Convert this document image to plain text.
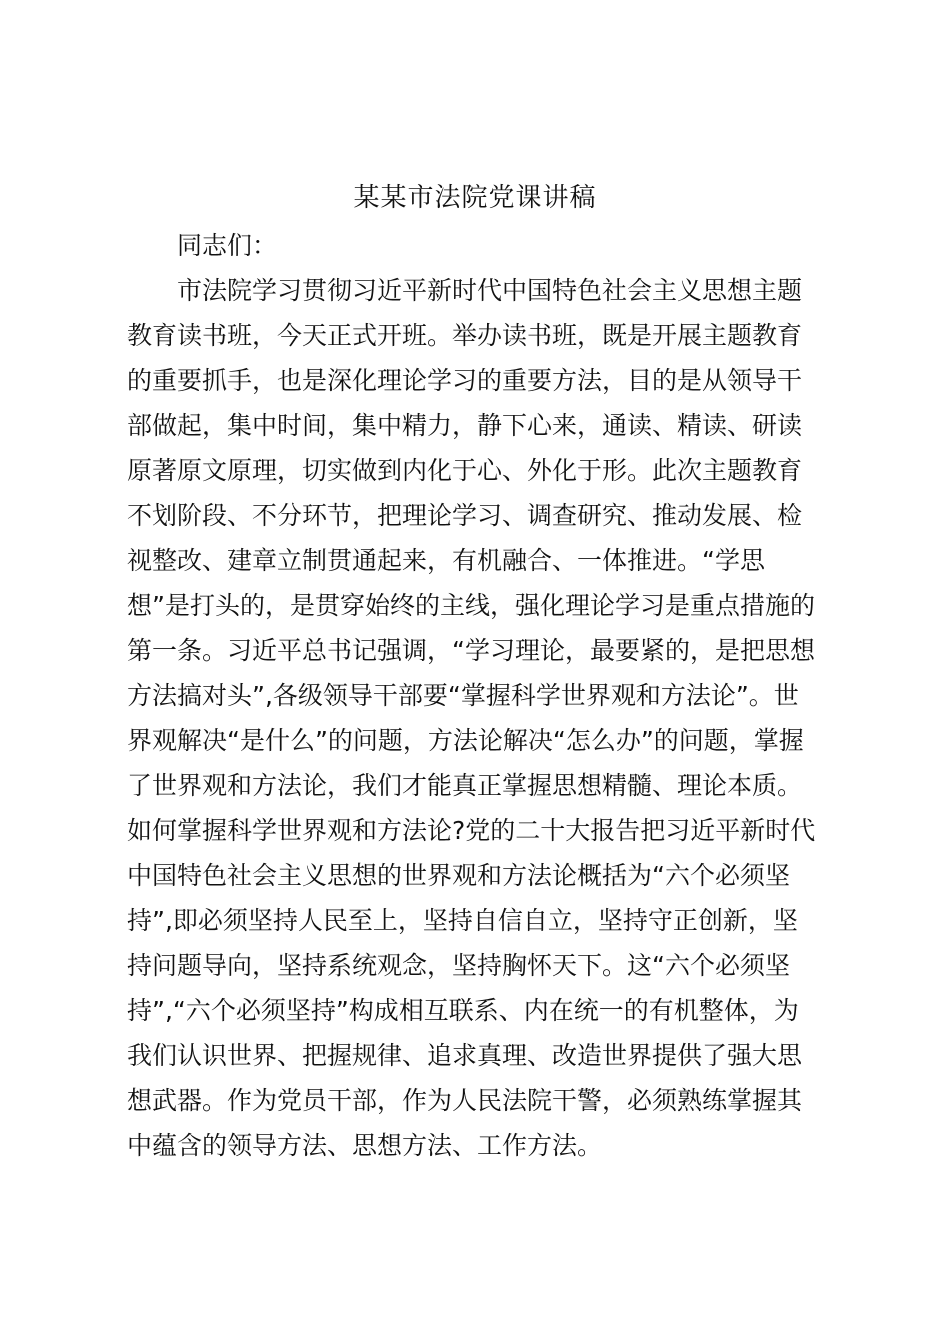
某某市法院党课讲稿
同志们：
市法院学习贯彻习近平新时代中国特色社会主义思想主题
教育读书班，今天正式开班。举办读书班，既是开展主题教育
的重要抓手，也是深化理论学习的重要方法，目的是从领导干
部做起，集中时间，集中精力，静下心来，通读、精读、研读
原著原文原理，切实做到内化于心、外化于形。此次主题教育
不划阶段、不分环节，把理论学习、调查研究、推动发展、检
视整改、建章立制贯通起来，有机融合、一体推进。“学思
想”是打头的，是贯穿始终的主线，强化理论学习是重点措施的
第一条。习近平总书记强调，“学习理论，最要紧的，是把思想
方法搞对头”,各级领导干部要“掌握科学世界观和方法论”。世
界观解决“是什么”的问题，方法论解决“怎么办”的问题，掌握
了世界观和方法论，我们才能真正掌握思想精髓、理论本质。
如何掌握科学世界观和方法论?党的二十大报告把习近平新时代
中国特色社会主义思想的世界观和方法论概括为“六个必须坚
持”,即必须坚持人民至上，坚持自信自立，坚持守正创新，坚
持问题导向，坚持系统观念，坚持胸怀天下。这“六个必须坚
持”,“六个必须坚持”构成相互联系、内在统一的有机整体，为
我们认识世界、把握规律、追求真理、改造世界提供了强大思
想武器。作为党员干部，作为人民法院干警，必须熟练掌握其
中蕴含的领导方法、思想方法、工作方法。
